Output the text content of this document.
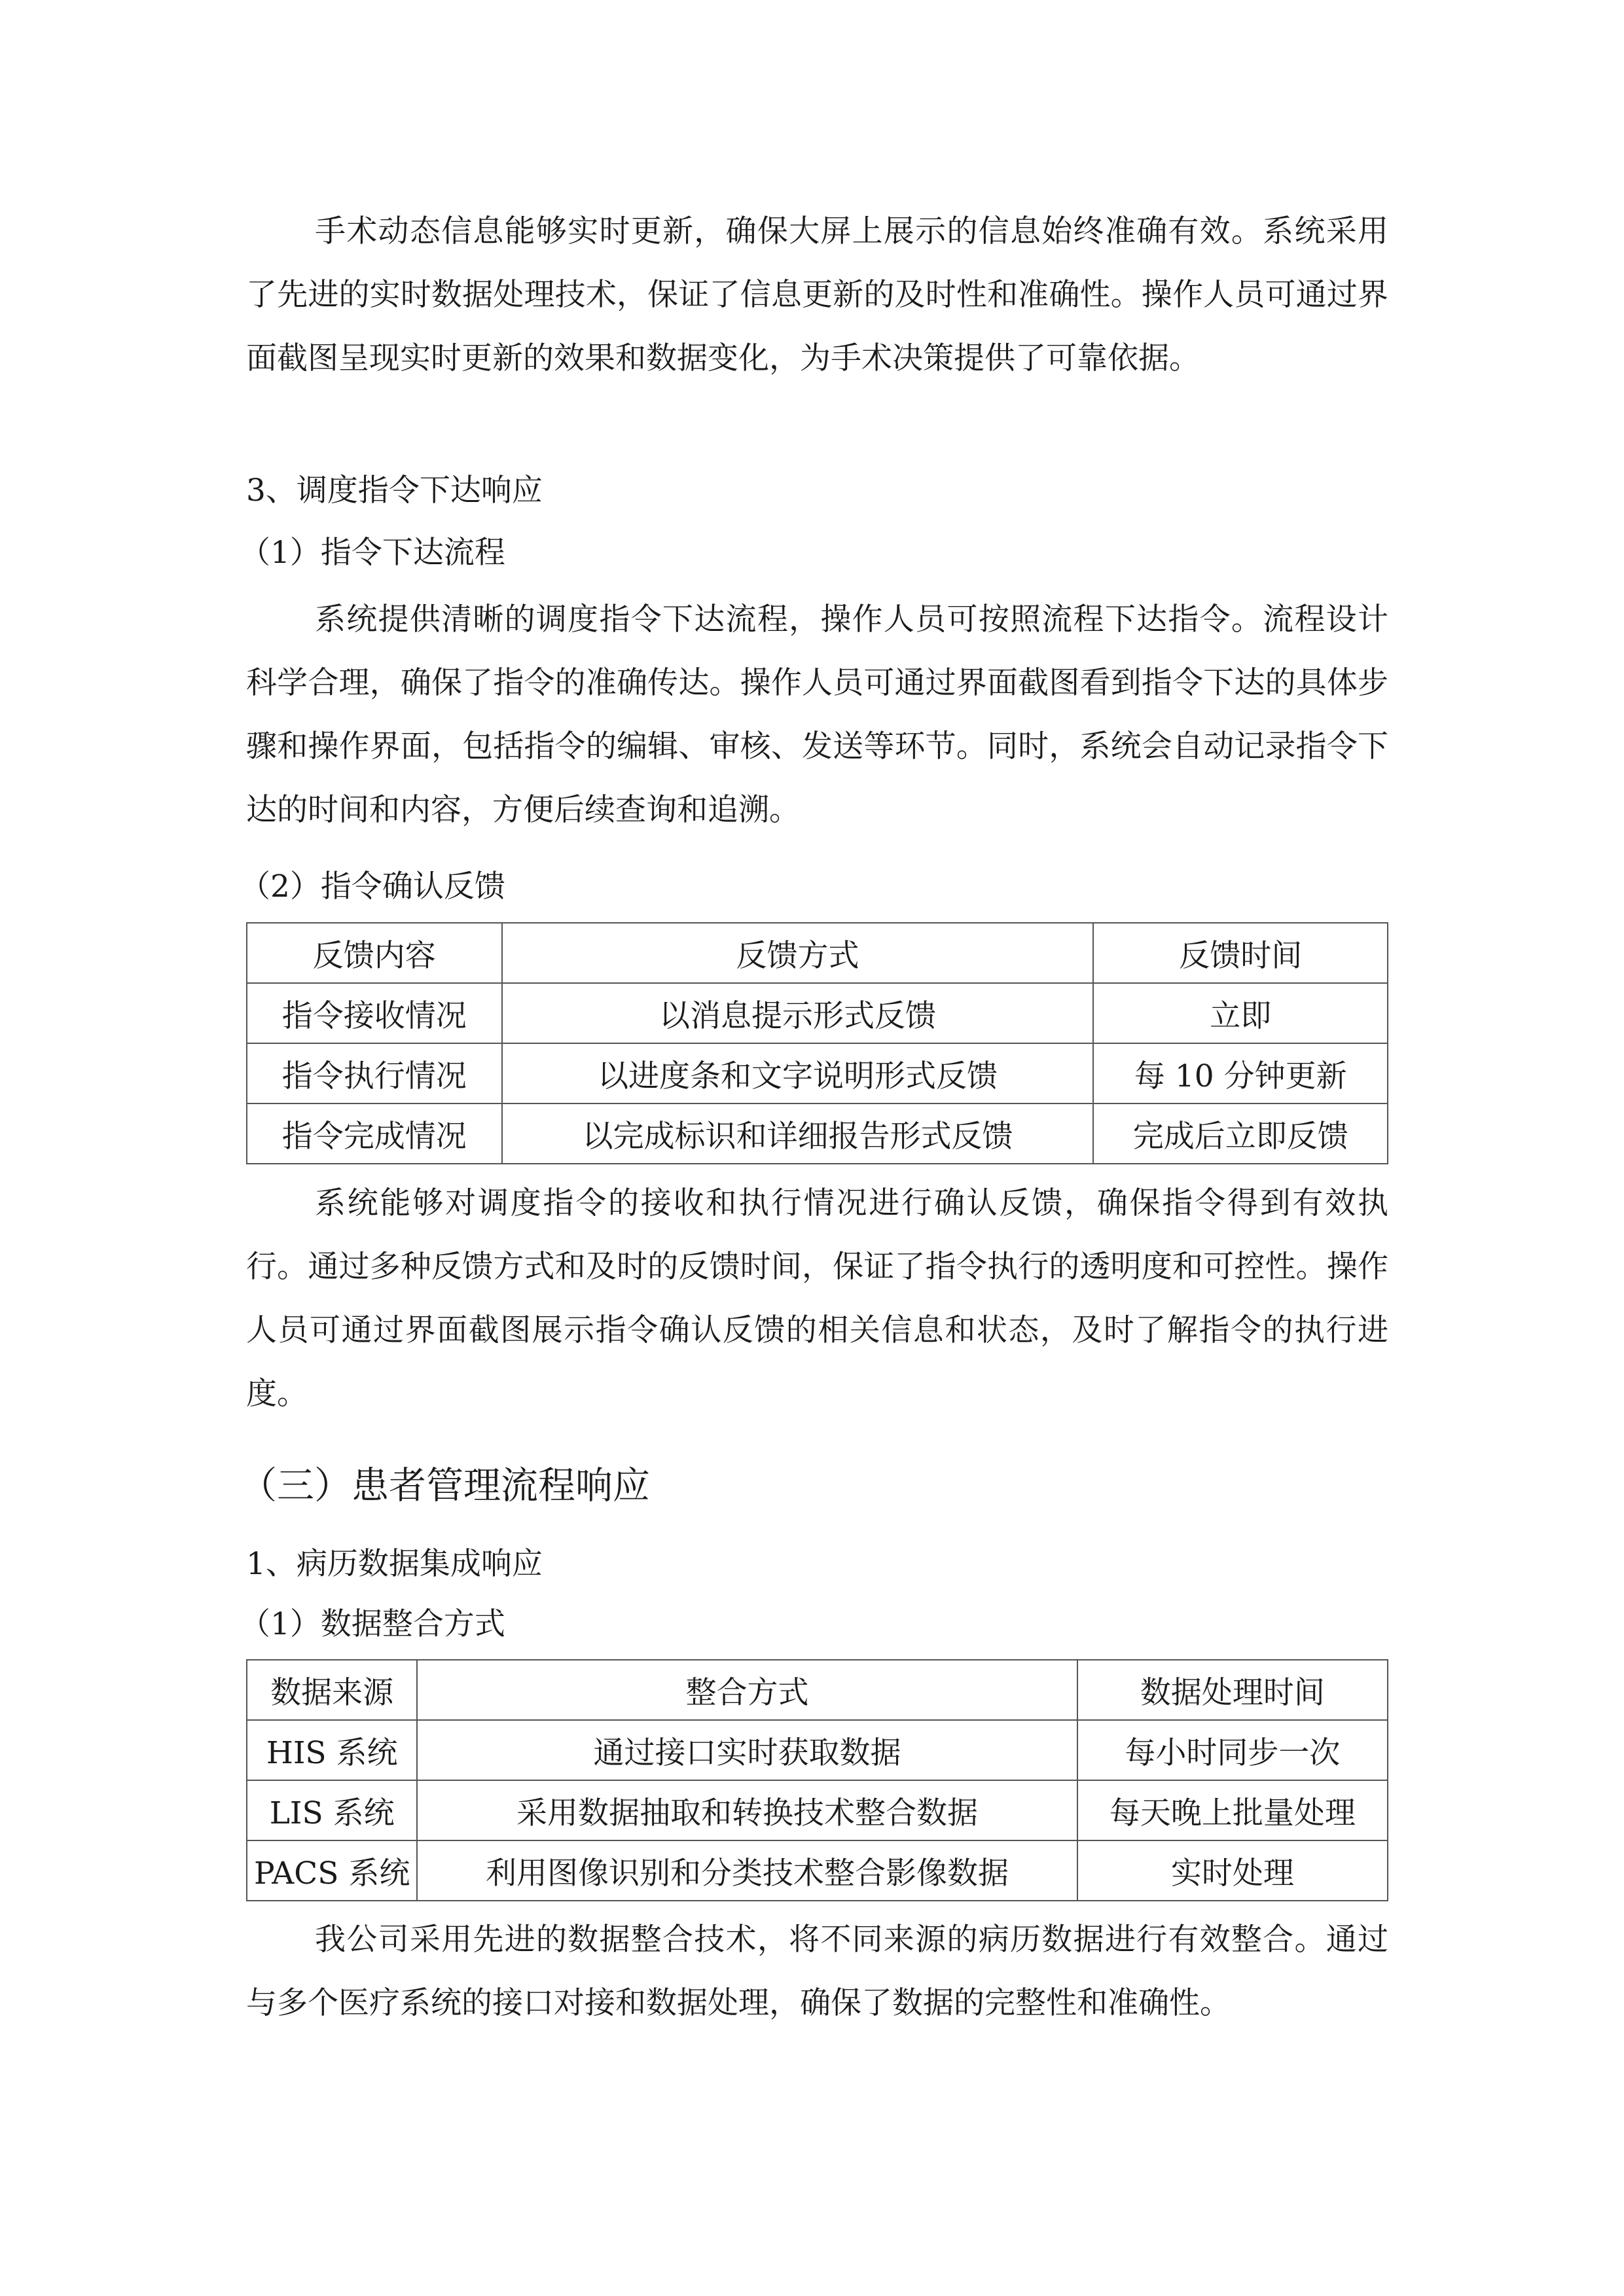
手术动态信息能够实时更新，确保大屏上展示的信息始终准确有效。系统采用了先进的实时数据处理技术，保证了信息更新的及时性和准确性。操作人员可通过界面截图呈现实时更新的效果和数据变化，为手术决策提供了可靠依据。

3、调度指令下达响应

（1）指令下达流程

系统提供清晰的调度指令下达流程，操作人员可按照流程下达指令。流程设计科学合理，确保了指令的准确传达。操作人员可通过界面截图看到指令下达的具体步骤和操作界面，包括指令的编辑、审核、发送等环节。同时，系统会自动记录指令下达的时间和内容，方便后续查询和追溯。

（2）指令确认反馈

反馈内容	反馈方式	反馈时间
指令接收情况	以消息提示形式反馈	立即
指令执行情况	以进度条和文字说明形式反馈	每 10 分钟更新
指令完成情况	以完成标识和详细报告形式反馈	完成后立即反馈

系统能够对调度指令的接收和执行情况进行确认反馈，确保指令得到有效执行。通过多种反馈方式和及时的反馈时间，保证了指令执行的透明度和可控性。操作人员可通过界面截图展示指令确认反馈的相关信息和状态，及时了解指令的执行进度。

（三）患者管理流程响应

1、病历数据集成响应

（1）数据整合方式

数据来源	整合方式	数据处理时间
HIS 系统	通过接口实时获取数据	每小时同步一次
LIS 系统	采用数据抽取和转换技术整合数据	每天晚上批量处理
PACS 系统	利用图像识别和分类技术整合影像数据	实时处理

我公司采用先进的数据整合技术，将不同来源的病历数据进行有效整合。通过与多个医疗系统的接口对接和数据处理，确保了数据的完整性和准确性。
